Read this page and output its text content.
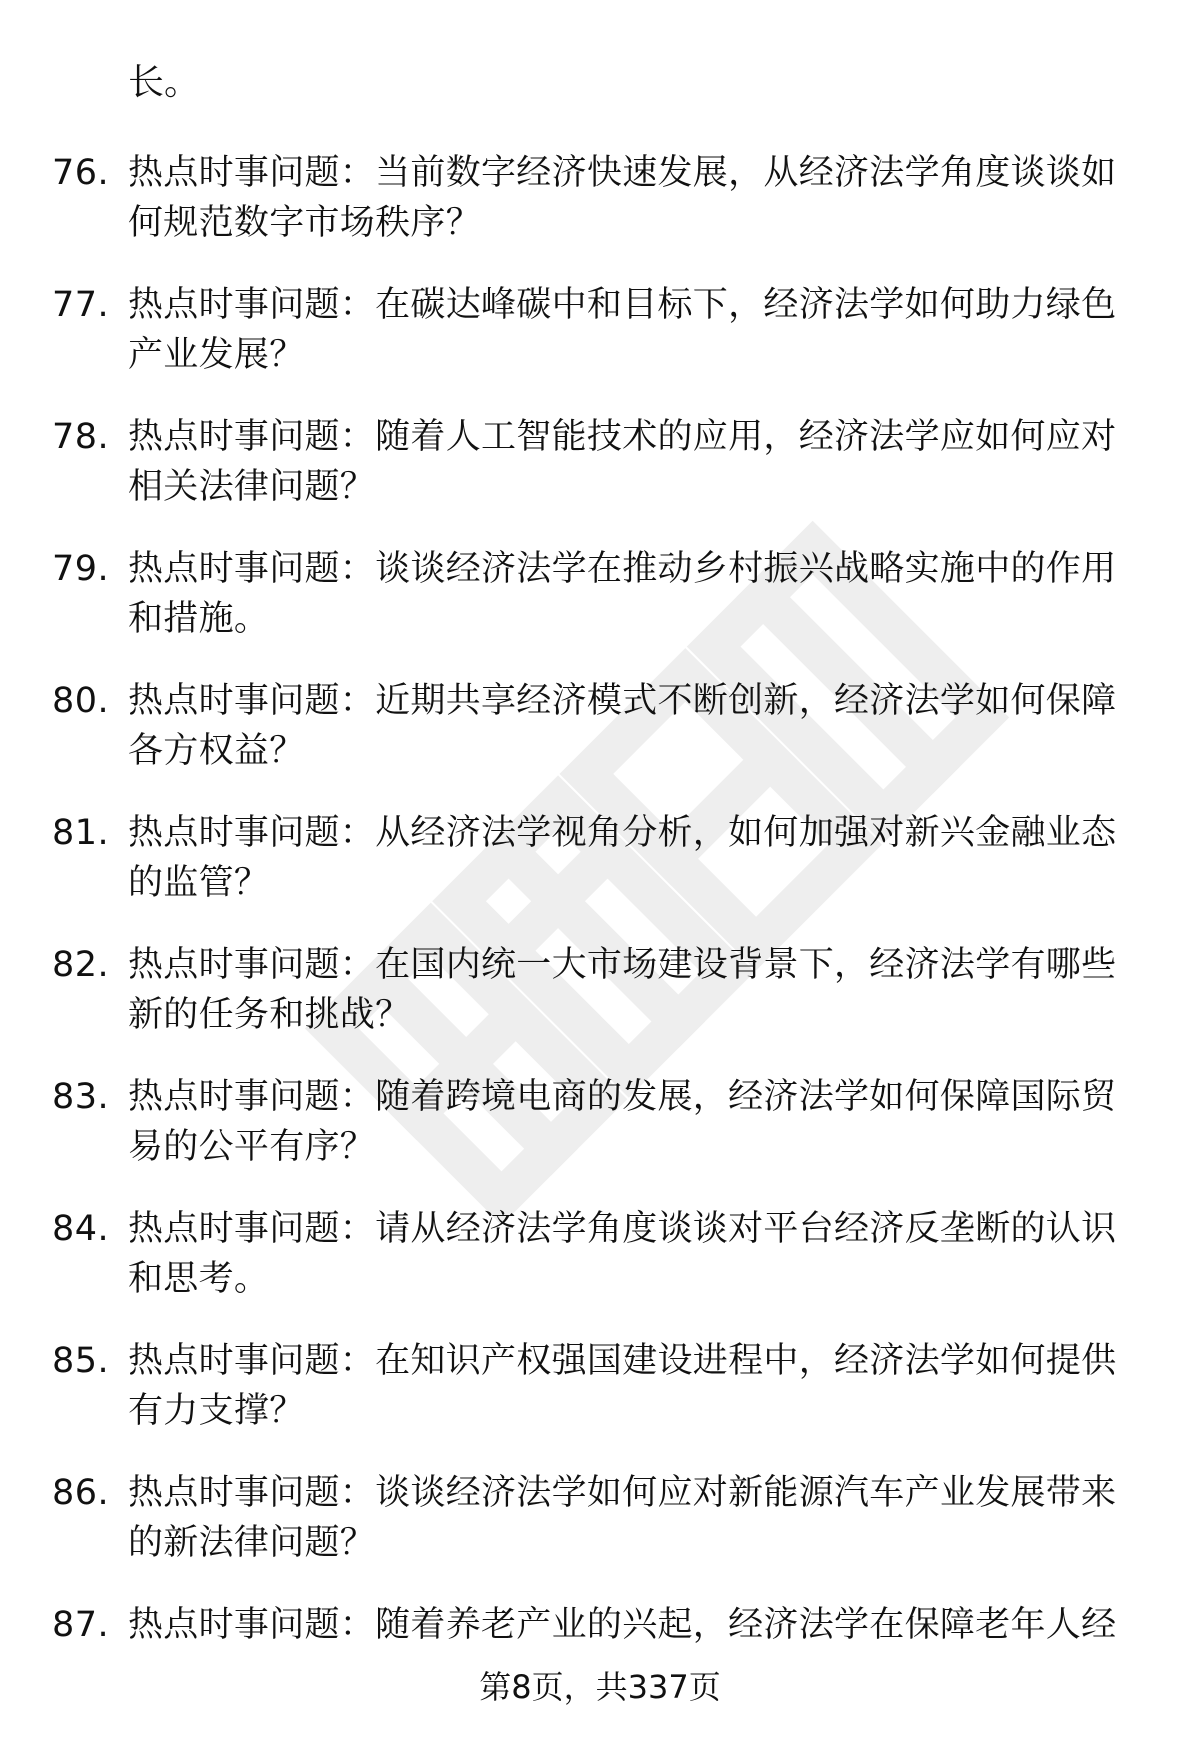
长。

76. 热点时事问题：当前数字经济快速发展，从经济法学角度谈谈如何规范数字市场秩序？
77. 热点时事问题：在碳达峰碳中和目标下，经济法学如何助力绿色产业发展？
78. 热点时事问题：随着人工智能技术的应用，经济法学应如何应对相关法律问题？
79. 热点时事问题：谈谈经济法学在推动乡村振兴战略实施中的作用和措施。
80. 热点时事问题：近期共享经济模式不断创新，经济法学如何保障各方权益？
81. 热点时事问题：从经济法学视角分析，如何加强对新兴金融业态的监管？
82. 热点时事问题：在国内统一大市场建设背景下，经济法学有哪些新的任务和挑战？
83. 热点时事问题：随着跨境电商的发展，经济法学如何保障国际贸易的公平有序？
84. 热点时事问题：请从经济法学角度谈谈对平台经济反垄断的认识和思考。
85. 热点时事问题：在知识产权强国建设进程中，经济法学如何提供有力支撑？
86. 热点时事问题：谈谈经济法学如何应对新能源汽车产业发展带来的新法律问题？
87. 热点时事问题：随着养老产业的兴起，经济法学在保障老年人经
第8页，共337页
